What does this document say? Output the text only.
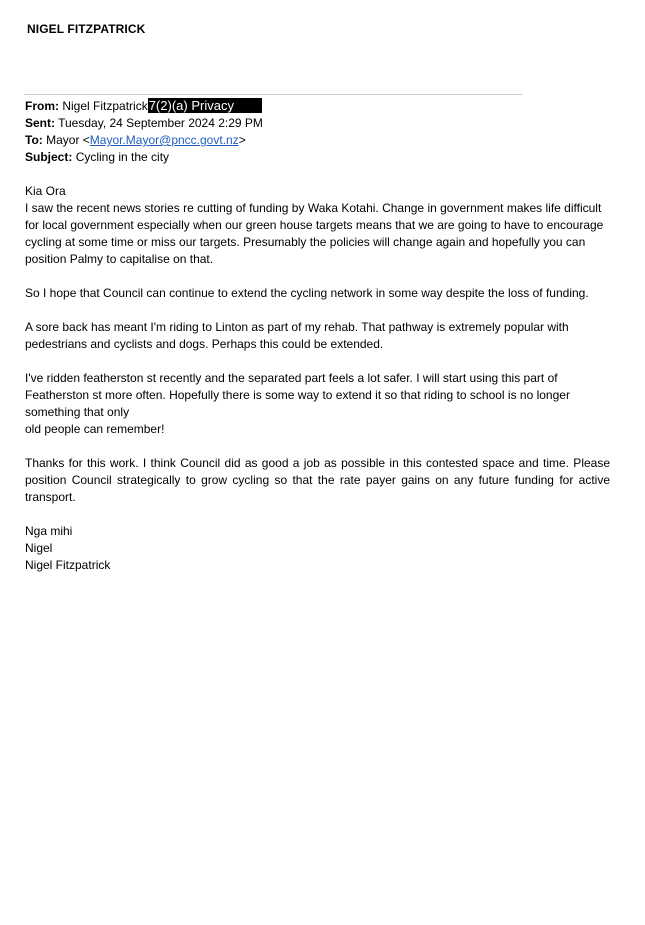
NIGEL FITZPATRICK
From: Nigel Fitzpatrick7(2)(a) Privacy
Sent: Tuesday, 24 September 2024 2:29 PM
To: Mayor <Mayor.Mayor@pncc.govt.nz>
Subject: Cycling in the city
Kia Ora
I saw the recent news stories re cutting of funding by Waka Kotahi. Change in government makes life difficult
for local government especially when our green house targets means that we are going to have to encourage
cycling at some time or miss our targets. Presumably the policies will change again and hopefully you can
position Palmy to capitalise on that.
So I hope that Council can continue to extend the cycling network in some way despite the loss of funding.
A sore back has meant I'm riding to Linton as part of my rehab. That pathway is extremely popular with
pedestrians and cyclists and dogs. Perhaps this could be extended.
I've ridden featherston st recently and the separated part feels a lot safer. I will start using this part of
Featherston st more often. Hopefully there is some way to extend it so that riding to school is no longer
something that only
old people can remember!
Thanks for this work. I think Council did as good a job as possible in this contested space and time. Please position Council strategically to grow cycling so that the rate payer gains on any future funding for active transport.
Nga mihi
Nigel
Nigel Fitzpatrick
